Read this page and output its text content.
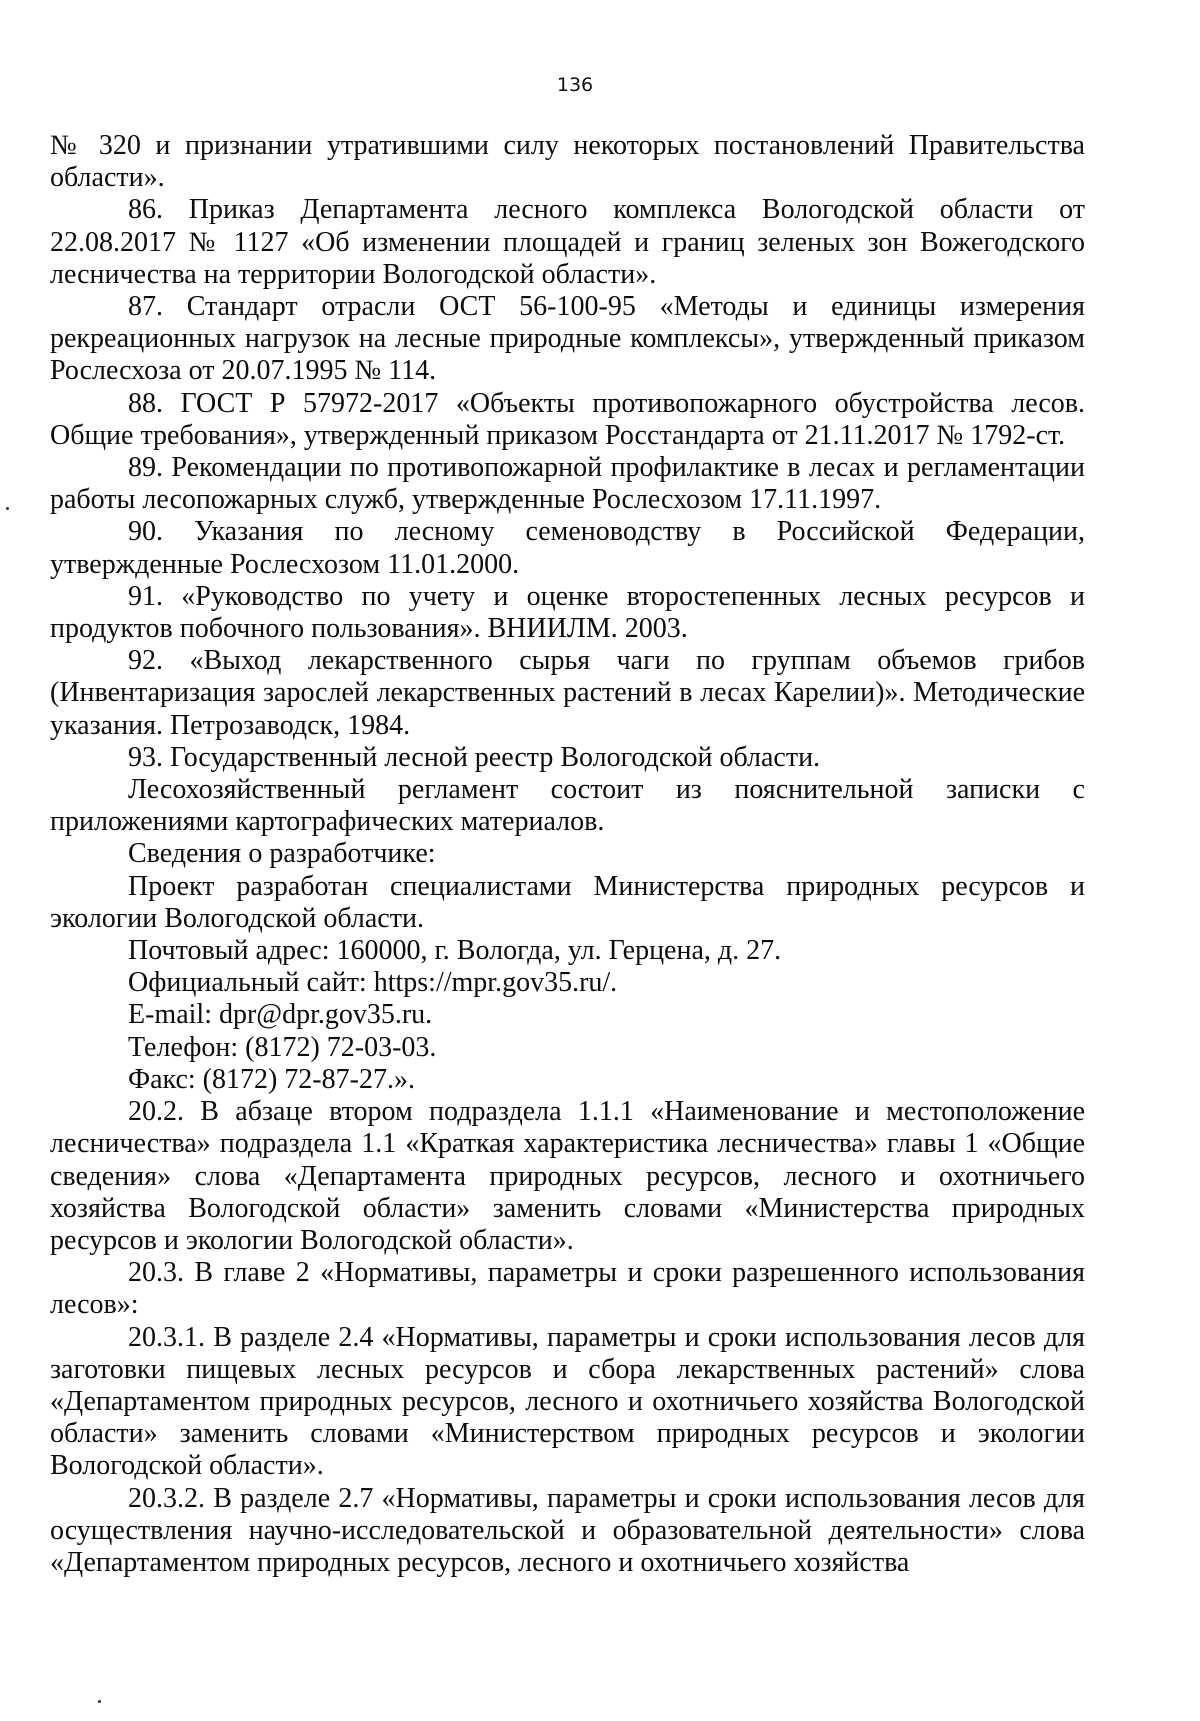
136

№ 320 и признании утратившими силу некоторых постановлений Правительства области».

86. Приказ Департамента лесного комплекса Вологодской области от 22.08.2017 № 1127 «Об изменении площадей и границ зеленых зон Вожегодского лесничества на территории Вологодской области».

87. Стандарт отрасли ОСТ 56-100-95 «Методы и единицы измерения рекреационных нагрузок на лесные природные комплексы», утвержденный приказом Рослесхоза от 20.07.1995 № 114.

88. ГОСТ Р 57972-2017 «Объекты противопожарного обустройства лесов. Общие требования», утвержденный приказом Росстандарта от 21.11.2017 № 1792-ст.

89. Рекомендации по противопожарной профилактике в лесах и регламентации работы лесопожарных служб, утвержденные Рослесхозом 17.11.1997.

90. Указания по лесному семеноводству в Российской Федерации, утвержденные Рослесхозом 11.01.2000.

91. «Руководство по учету и оценке второстепенных лесных ресурсов и продуктов побочного пользования». ВНИИЛМ. 2003.

92. «Выход лекарственного сырья чаги по группам объемов грибов (Инвентаризация зарослей лекарственных растений в лесах Карелии)». Методические указания. Петрозаводск, 1984.

93. Государственный лесной реестр Вологодской области.

Лесохозяйственный регламент состоит из пояснительной записки с приложениями картографических материалов.

Сведения о разработчике:

Проект разработан специалистами Министерства природных ресурсов и экологии Вологодской области.

Почтовый адрес: 160000, г. Вологда, ул. Герцена, д. 27.

Официальный сайт: https://mpr.gov35.ru/.

E-mail: dpr@dpr.gov35.ru.

Телефон: (8172) 72-03-03.

Факс: (8172) 72-87-27.».

20.2. В абзаце втором подраздела 1.1.1 «Наименование и местоположение лесничества» подраздела 1.1 «Краткая характеристика лесничества» главы 1 «Общие сведения» слова «Департамента природных ресурсов, лесного и охотничьего хозяйства Вологодской области» заменить словами «Министерства природных ресурсов и экологии Вологодской области».

20.3. В главе 2 «Нормативы, параметры и сроки разрешенного использования лесов»:

20.3.1. В разделе 2.4 «Нормативы, параметры и сроки использования лесов для заготовки пищевых лесных ресурсов и сбора лекарственных растений» слова «Департаментом природных ресурсов, лесного и охотничьего хозяйства Вологодской области» заменить словами «Министерством природных ресурсов и экологии Вологодской области».

20.3.2. В разделе 2.7 «Нормативы, параметры и сроки использования лесов для осуществления научно-исследовательской и образовательной деятельности» слова «Департаментом природных ресурсов, лесного и охотничьего хозяйства
